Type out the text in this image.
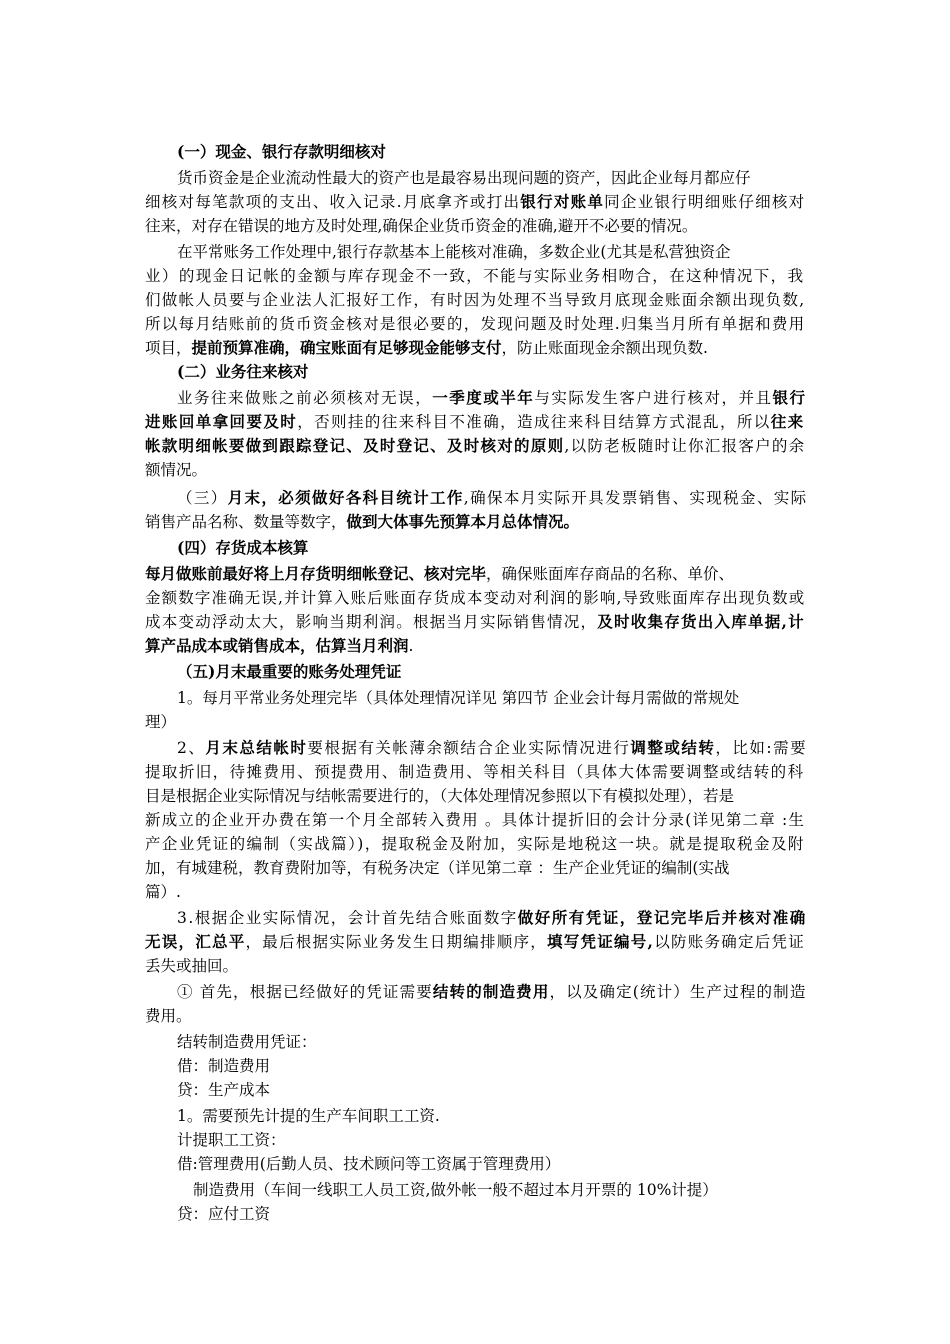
(一）现金、银行存款明细核对
货币资金是企业流动性最大的资产也是最容易出现问题的资产，因此企业每月都应仔
细核对每笔款项的支出、收入记录.月底拿齐或打出银行对账单同企业银行明细账仔细核对
往来，对存在错误的地方及时处理,确保企业货币资金的准确,避开不必要的情况。
在平常账务工作处理中,银行存款基本上能核对准确，多数企业(尤其是私营独资企
业）的现金日记帐的金额与库存现金不一致，不能与实际业务相吻合，在这种情况下，我
们做帐人员要与企业法人汇报好工作，有时因为处理不当导致月底现金账面余额出现负数,
所以每月结账前的货币资金核对是很必要的，发现问题及时处理.归集当月所有单据和费用
项目，提前预算准确，确宝账面有足够现金能够支付，防止账面现金余额出现负数.
(二）业务往来核对
业务往来做账之前必须核对无误，一季度或半年与实际发生客户进行核对，并且银行
进账回单拿回要及时，否则挂的往来科目不准确，造成往来科目结算方式混乱，所以往来
帐款明细帐要做到跟踪登记、及时登记、及时核对的原则,以防老板随时让你汇报客户的余
额情况。
（三）月末，必须做好各科目统计工作,确保本月实际开具发票销售、实现税金、实际
销售产品名称、数量等数字，做到大体事先预算本月总体情况。
(四）存货成本核算
每月做账前最好将上月存货明细帐登记、核对完毕，确保账面库存商品的名称、单价、
金额数字准确无误,并计算入账后账面存货成本变动对利润的影响,导致账面库存出现负数或
成本变动浮动太大，影响当期利润。根据当月实际销售情况，及时收集存货出入库单据,计
算产品成本或销售成本，估算当月利润.
（五)月末最重要的账务处理凭证
1。每月平常业务处理完毕（具体处理情况详见 第四节 企业会计每月需做的常规处
理）
2、月末总结帐时要根据有关帐薄余额结合企业实际情况进行调整或结转，比如:需要
提取折旧，待摊费用、预提费用、制造费用、等相关科目（具体大体需要调整或结转的科
目是根据企业实际情况与结帐需要进行的，（大体处理情况参照以下有模拟处理），若是
新成立的企业开办费在第一个月全部转入费用 。具体计提折旧的会计分录(详见第二章 :生
产企业凭证的编制（实战篇）)，提取税金及附加，实际是地税这一块。就是提取税金及附
加，有城建税，教育费附加等，有税务决定（详见第二章 ：生产企业凭证的编制(实战
篇）.
3.根据企业实际情况，会计首先结合账面数字做好所有凭证，登记完毕后并核对准确
无误，汇总平，最后根据实际业务发生日期编排顺序，填写凭证编号,以防账务确定后凭证
丢失或抽回。
① 首先，根据已经做好的凭证需要结转的制造费用，以及确定(统计）生产过程的制造
费用。
结转制造费用凭证：
借：制造费用
贷：生产成本
1。需要预先计提的生产车间职工工资.
计提职工工资：
借:管理费用(后勤人员、技术顾问等工资属于管理费用）
制造费用（车间一线职工人员工资,做外帐一般不超过本月开票的 10%计提）
贷：应付工资
